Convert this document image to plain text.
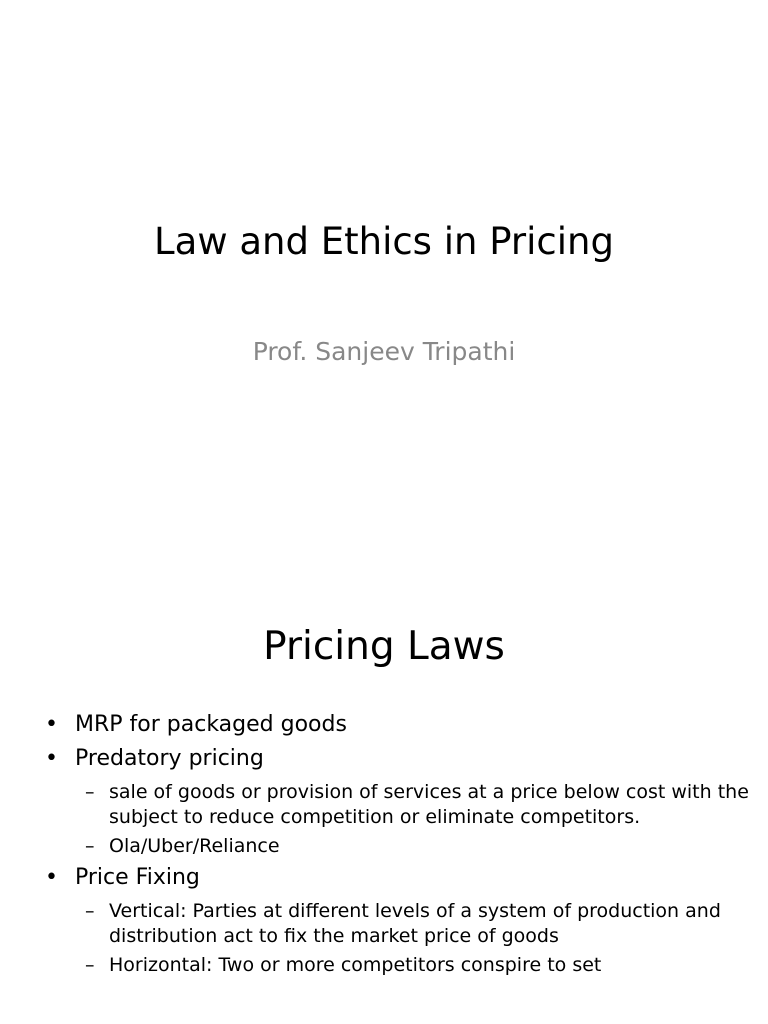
Law and Ethics in Pricing
Prof. Sanjeev Tripathi
Pricing Laws
• MRP for packaged goods
• Predatory pricing
– sale of goods or provision of services at a price below cost with the subject to reduce competition or eliminate competitors.
– Ola/Uber/Reliance
• Price Fixing
– Vertical: Parties at different levels of a system of production and distribution act to fix the market price of goods
– Horizontal: Two or more competitors conspire to set
